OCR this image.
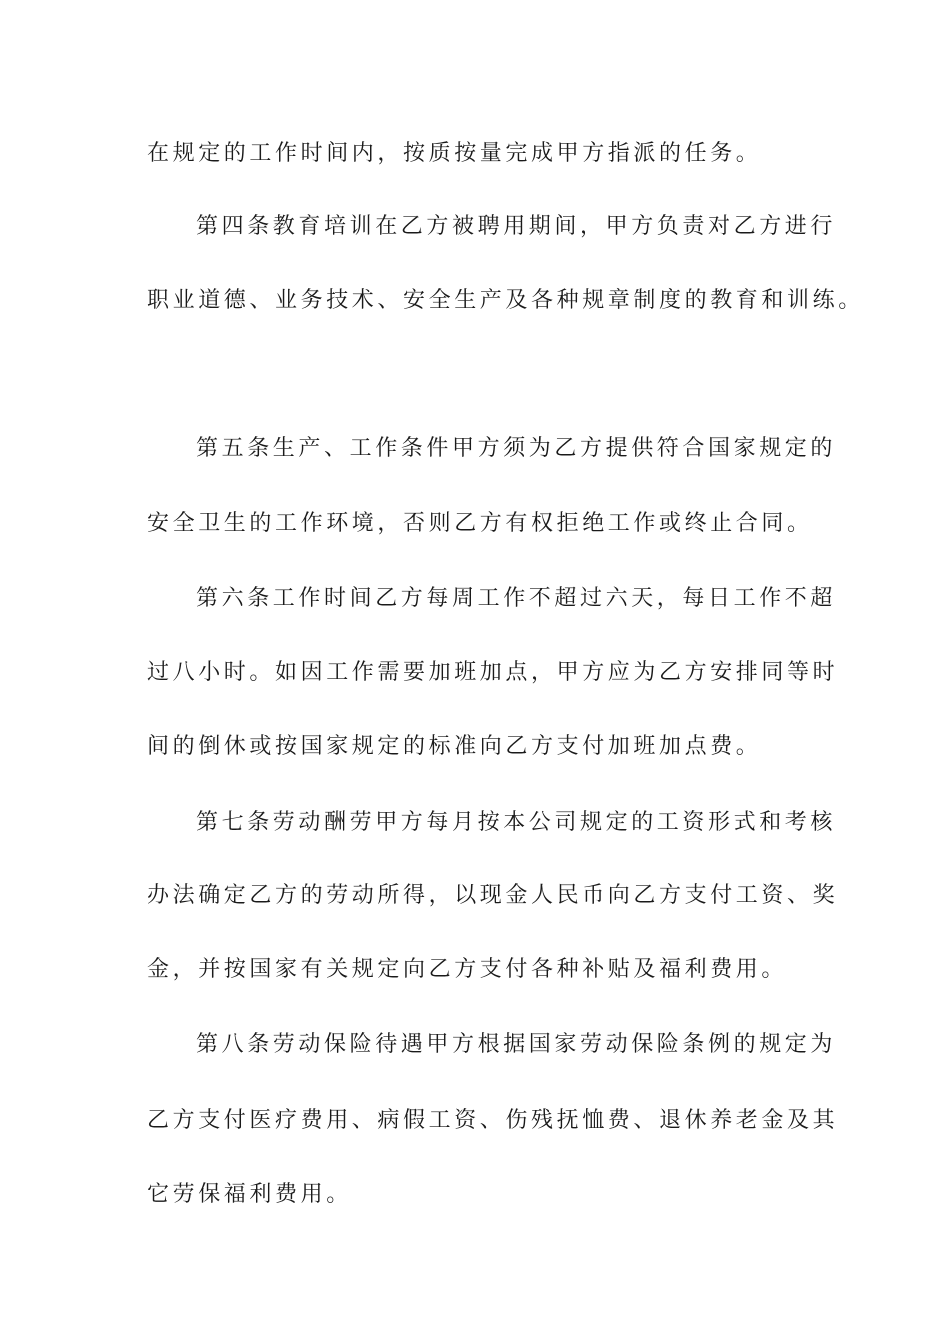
在规定的工作时间内，按质按量完成甲方指派的任务。
第四条教育培训在乙方被聘用期间，甲方负责对乙方进行
职业道德、业务技术、安全生产及各种规章制度的教育和训练。
第五条生产、工作条件甲方须为乙方提供符合国家规定的
安全卫生的工作环境，否则乙方有权拒绝工作或终止合同。
第六条工作时间乙方每周工作不超过六天，每日工作不超
过八小时。如因工作需要加班加点，甲方应为乙方安排同等时
间的倒休或按国家规定的标准向乙方支付加班加点费。
第七条劳动酬劳甲方每月按本公司规定的工资形式和考核
办法确定乙方的劳动所得，以现金人民币向乙方支付工资、奖
金，并按国家有关规定向乙方支付各种补贴及福利费用。
第八条劳动保险待遇甲方根据国家劳动保险条例的规定为
乙方支付医疗费用、病假工资、伤残抚恤费、退休养老金及其
它劳保福利费用。
